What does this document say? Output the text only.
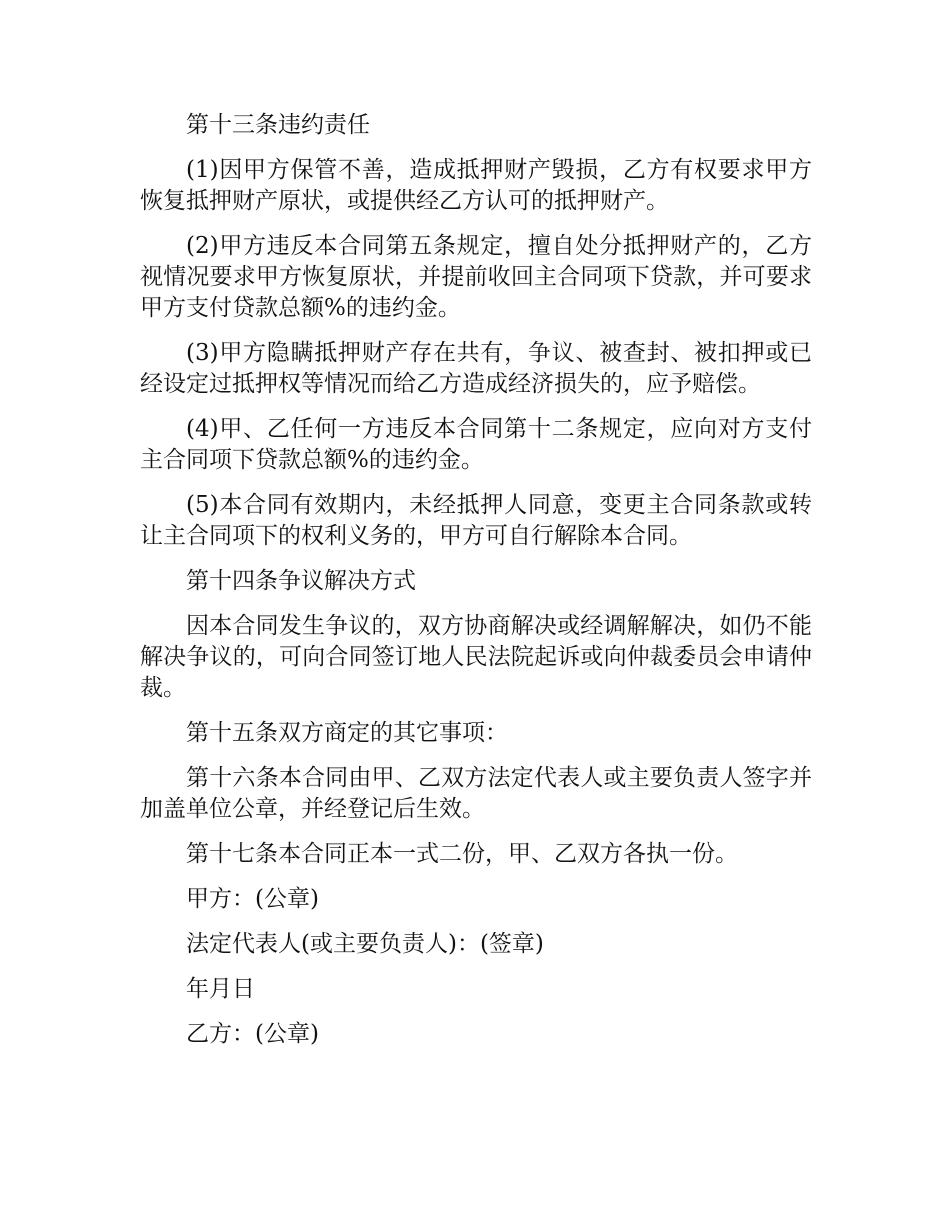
第十三条违约责任

(1)因甲方保管不善，造成抵押财产毁损，乙方有权要求甲方恢复抵押财产原状，或提供经乙方认可的抵押财产。

(2)甲方违反本合同第五条规定，擅自处分抵押财产的，乙方视情况要求甲方恢复原状，并提前收回主合同项下贷款，并可要求甲方支付贷款总额%的违约金。

(3)甲方隐瞒抵押财产存在共有，争议、被查封、被扣押或已经设定过抵押权等情况而给乙方造成经济损失的，应予赔偿。

(4)甲、乙任何一方违反本合同第十二条规定，应向对方支付主合同项下贷款总额%的违约金。

(5)本合同有效期内，未经抵押人同意，变更主合同条款或转让主合同项下的权利义务的，甲方可自行解除本合同。

第十四条争议解决方式

因本合同发生争议的，双方协商解决或经调解解决，如仍不能解决争议的，可向合同签订地人民法院起诉或向仲裁委员会申请仲裁。

第十五条双方商定的其它事项：

第十六条本合同由甲、乙双方法定代表人或主要负责人签字并加盖单位公章，并经登记后生效。

第十七条本合同正本一式二份，甲、乙双方各执一份。

甲方：(公章)

法定代表人(或主要负责人)：(签章)

年月日

乙方：(公章)
